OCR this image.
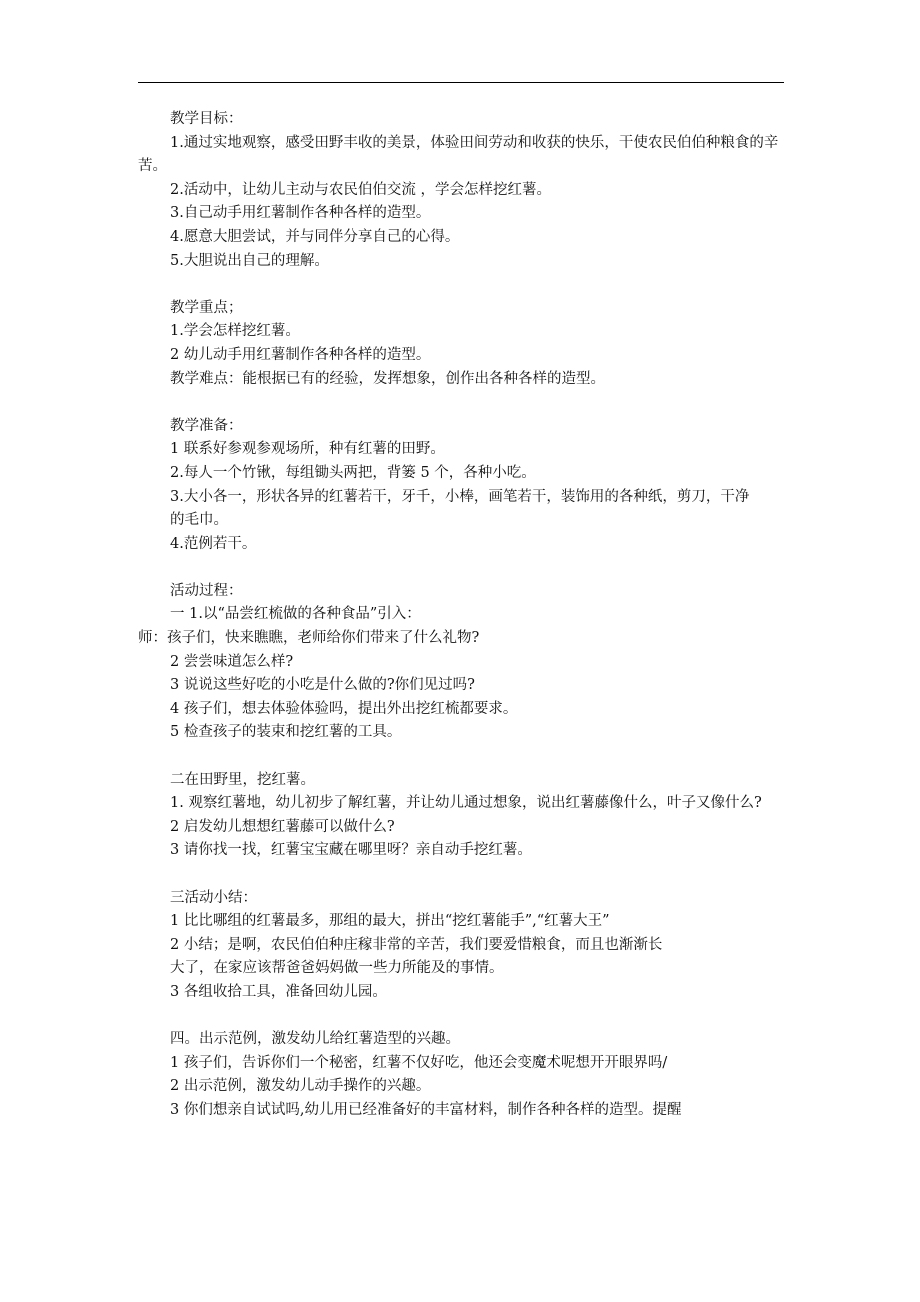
教学目标：
1.通过实地观察，感受田野丰收的美景，体验田间劳动和收获的快乐，干使农民伯伯种粮食的辛苦。
2.活动中，让幼儿主动与农民伯伯交流 ，学会怎样挖红薯。
3.自己动手用红薯制作各种各样的造型。
4.愿意大胆尝试，并与同伴分享自己的心得。
5.大胆说出自己的理解。
教学重点；
1.学会怎样挖红薯。
2 幼儿动手用红薯制作各种各样的造型。
教学难点：能根据已有的经验，发挥想象，创作出各种各样的造型。
教学准备：
1 联系好参观参观场所，种有红薯的田野。
2.每人一个竹锹，每组锄头两把，背篓 5 个，各种小吃。
3.大小各一，形状各异的红薯若干，牙千，小棒，画笔若干，装饰用的各种纸，剪刀，干净的毛巾。
4.范例若干。
活动过程：
一 1.以“品尝红梳做的各种食品”引入：
师：孩子们，快来瞧瞧，老师给你们带来了什么礼物?
2 尝尝味道怎么样?
3 说说这些好吃的小吃是什么做的?你们见过吗?
4 孩子们，想去体验体验吗，提出外出挖红梳都要求。
5 检查孩子的装束和挖红薯的工具。
二在田野里，挖红薯。
1. 观察红薯地，幼儿初步了解红薯，并让幼儿通过想象，说出红薯藤像什么，叶子又像什么?
2 启发幼儿想想红薯藤可以做什么?
3 请你找一找，红薯宝宝藏在哪里呀？亲自动手挖红薯。
三活动小结：
1 比比哪组的红薯最多，那组的最大，拼出“挖红薯能手”,“红薯大王”
2 小结；是啊，农民伯伯种庄稼非常的辛苦，我们要爱惜粮食，而且也渐渐长
大了，在家应该帮爸爸妈妈做一些力所能及的事情。
3 各组收拾工具，准备回幼儿园。
四。出示范例，激发幼儿给红薯造型的兴趣。
1 孩子们，告诉你们一个秘密，红薯不仅好吃，他还会变魔术呢想开开眼界吗/
2 出示范例，激发幼儿动手操作的兴趣。
3 你们想亲自试试吗,幼儿用已经准备好的丰富材料，制作各种各样的造型。提醒
